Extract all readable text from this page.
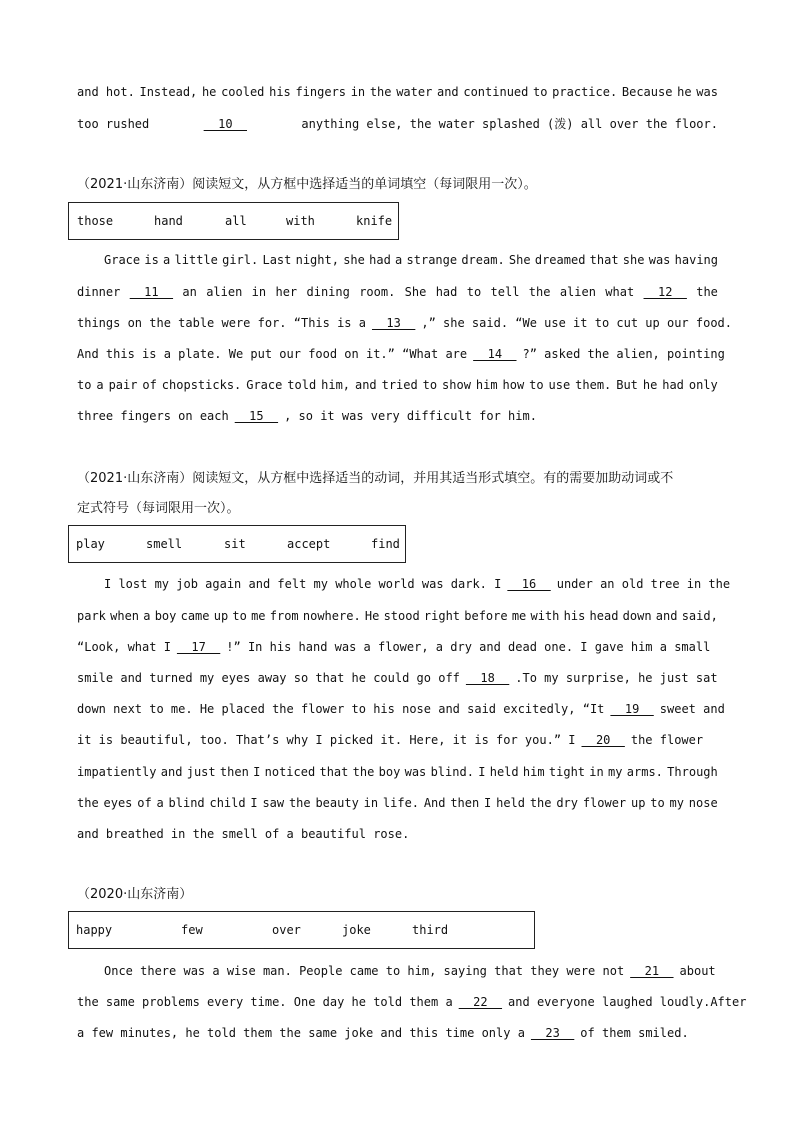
and hot. Instead, he cooled his fingers in the water and continued to practice. Because he was
too rushed	10	anything else, the water splashed (泼) all over the floor.
（2021·山东济南）阅读短文，从方框中选择适当的单词填空（每词限用一次）。
those	hand	all	with	knife
Grace is a little girl. Last night, she had a strange dream. She dreamed that she was having
dinner 11 an alien in her dining room. She had to tell the alien what 12 the
things on the table were for. “This is a 13 ,” she said. “We use it to cut up our food.
And this is a plate. We put our food on it.” “What are 14 ?” asked the alien, pointing
to a pair of chopsticks. Grace told him, and tried to show him how to use them. But he had only
three fingers on each 15 , so it was very difficult for him.
（2021·山东济南）阅读短文，从方框中选择适当的动词，并用其适当形式填空。有的需要加助动词或不
定式符号（每词限用一次）。
play	smell	sit	accept	find
I lost my job again and felt my whole world was dark. I 16 under an old tree in the
park when a boy came up to me from nowhere. He stood right before me with his head down and said,
“Look, what I 17 !” In his hand was a flower, a dry and dead one. I gave him a small
smile and turned my eyes away so that he could go off 18 .To my surprise, he just sat
down next to me. He placed the flower to his nose and said excitedly, “It 19 sweet and
it is beautiful, too. That’s why I picked it. Here, it is for you.” I 20 the flower
impatiently and just then I noticed that the boy was blind. I held him tight in my arms. Through
the eyes of a blind child I saw the beauty in life. And then I held the dry flower up to my nose
and breathed in the smell of a beautiful rose.
（2020·山东济南）
happy	few	over	joke	third
Once there was a wise man. People came to him, saying that they were not 21 about
the same problems every time. One day he told them a 22 and everyone laughed loudly.After
a few minutes, he told them the same joke and this time only a 23 of them smiled.
